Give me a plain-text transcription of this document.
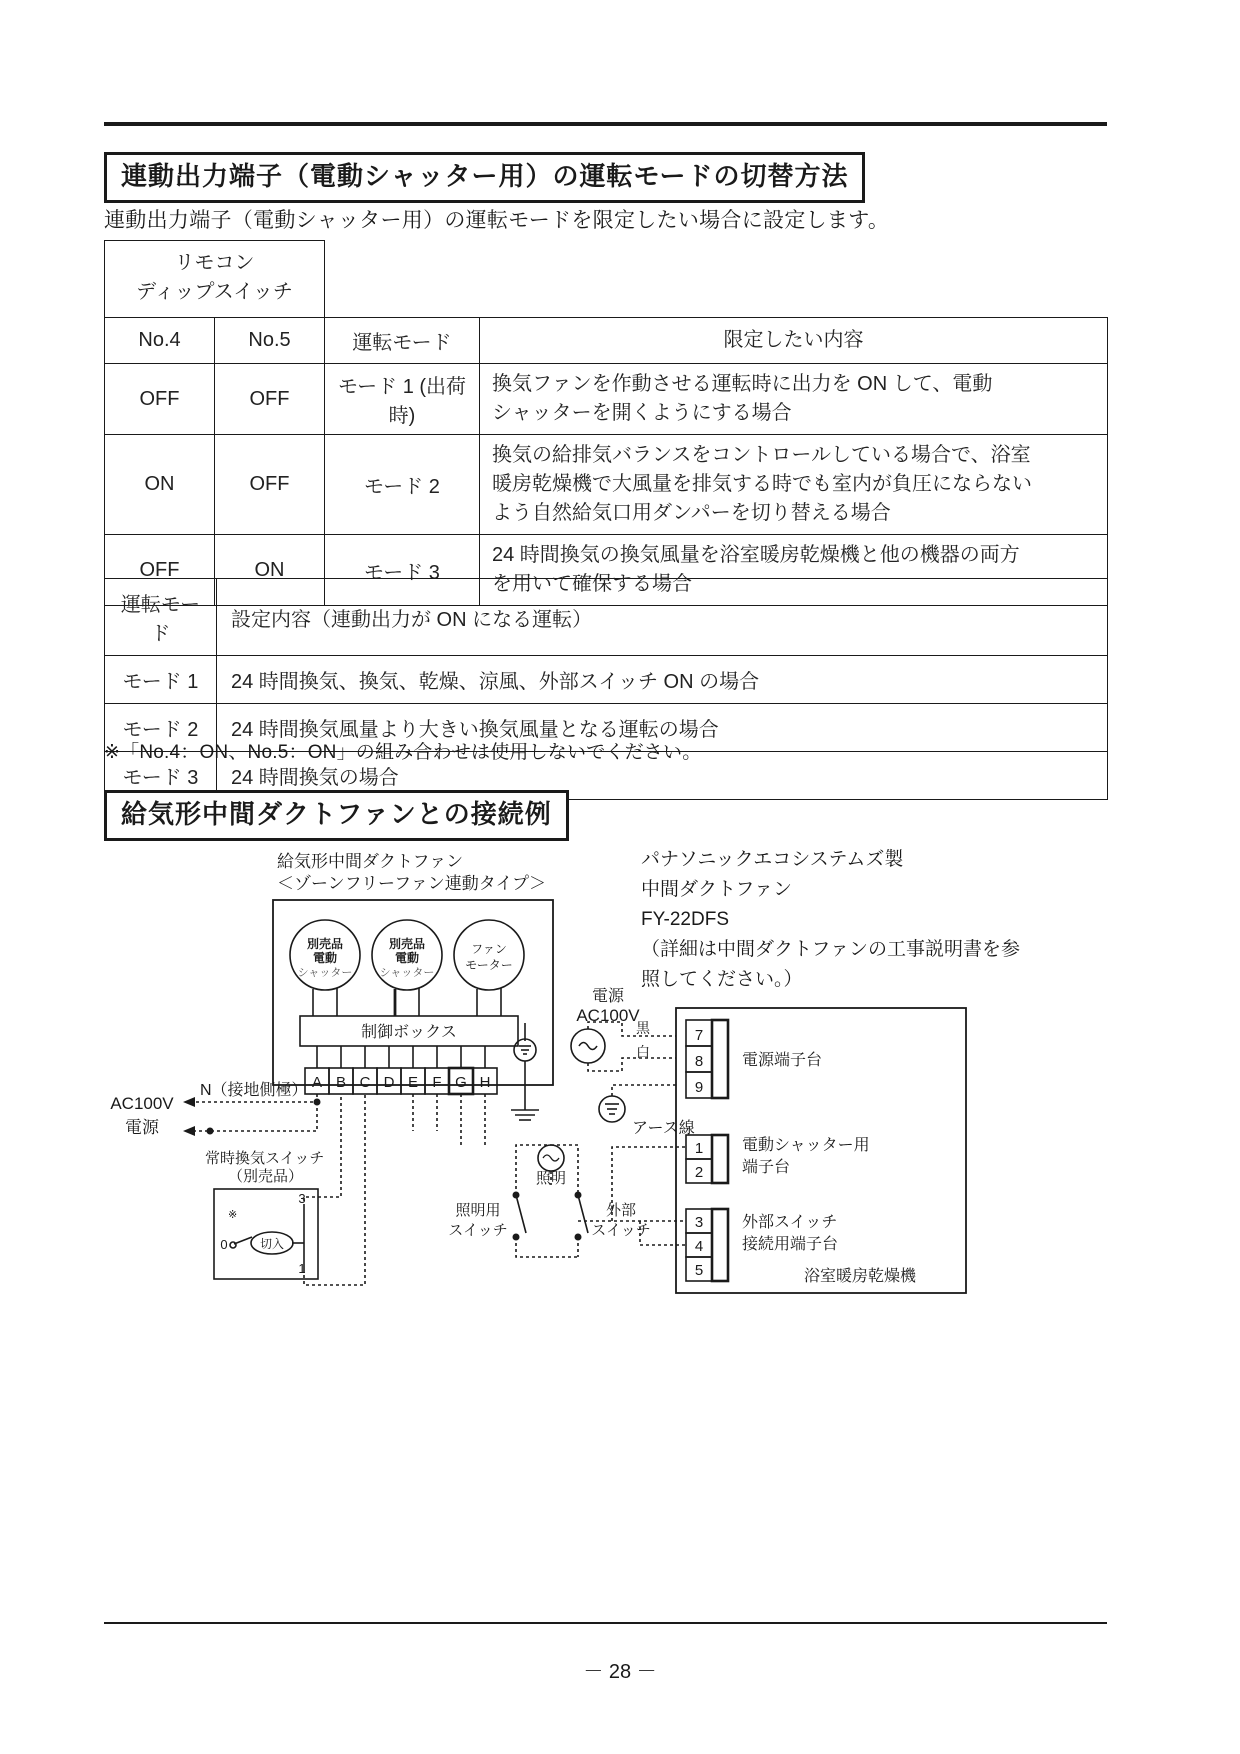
連動出力端子（電動シャッター用）の運転モードの切替方法
連動出力端子（電動シャッター用）の運転モードを限定したい場合に設定します。
リモコン
ディップスイッチ			

No.4	No.5	運転モード	限定したい内容
OFF	OFF	モード 1 (出荷時)	換気ファンを作動させる運転時に出力を ON して、電動
シャッターを開くようにする場合

ON	OFF	モード 2	換気の給排気バランスをコントロールしている場合で、浴室
暖房乾燥機で大風量を排気する時でも室内が負圧にならない
よう自然給気口用ダンパーを切り替える場合

OFF	ON	モード 3	24 時間換気の換気風量を浴室暖房乾燥機と他の機器の両方
を用いて確保する場合
運転モード	設定内容（連動出力が ON になる運転）
モード 1	24 時間換気、換気、乾燥、涼風、外部スイッチ ON の場合
モード 2	24 時間換気風量より大きい換気風量となる運転の場合
モード 3	24 時間換気の場合
※「No.4：ON、No.5：ON」の組み合わせは使用しないでください。
給気形中間ダクトファンとの接続例
給気形中間ダクトファン
＜ゾーンフリーファン連動タイプ＞
別売品
電動
シャッター
別売品
電動
シャッター
ファン
モーター
制御ボックス
A B C D E F G H
パナソニックエコシステムズ製
中間ダクトファン
FY-22DFS
（詳細は中間ダクトファンの工事説明書を参
照してください。）
電源
AC100V
黒
白
7
8
9
電源端子台
アース線
1
2
電動シャッター用
端子台
3
4
5
外部スイッチ
接続用端子台
浴室暖房乾燥機
AC100V
電源
N（接地側極）
常時換気スイッチ
（別売品）
3
0
1
切入
※
照明
照明用
スイッチ
外部
スイッチ
－ 28 －
